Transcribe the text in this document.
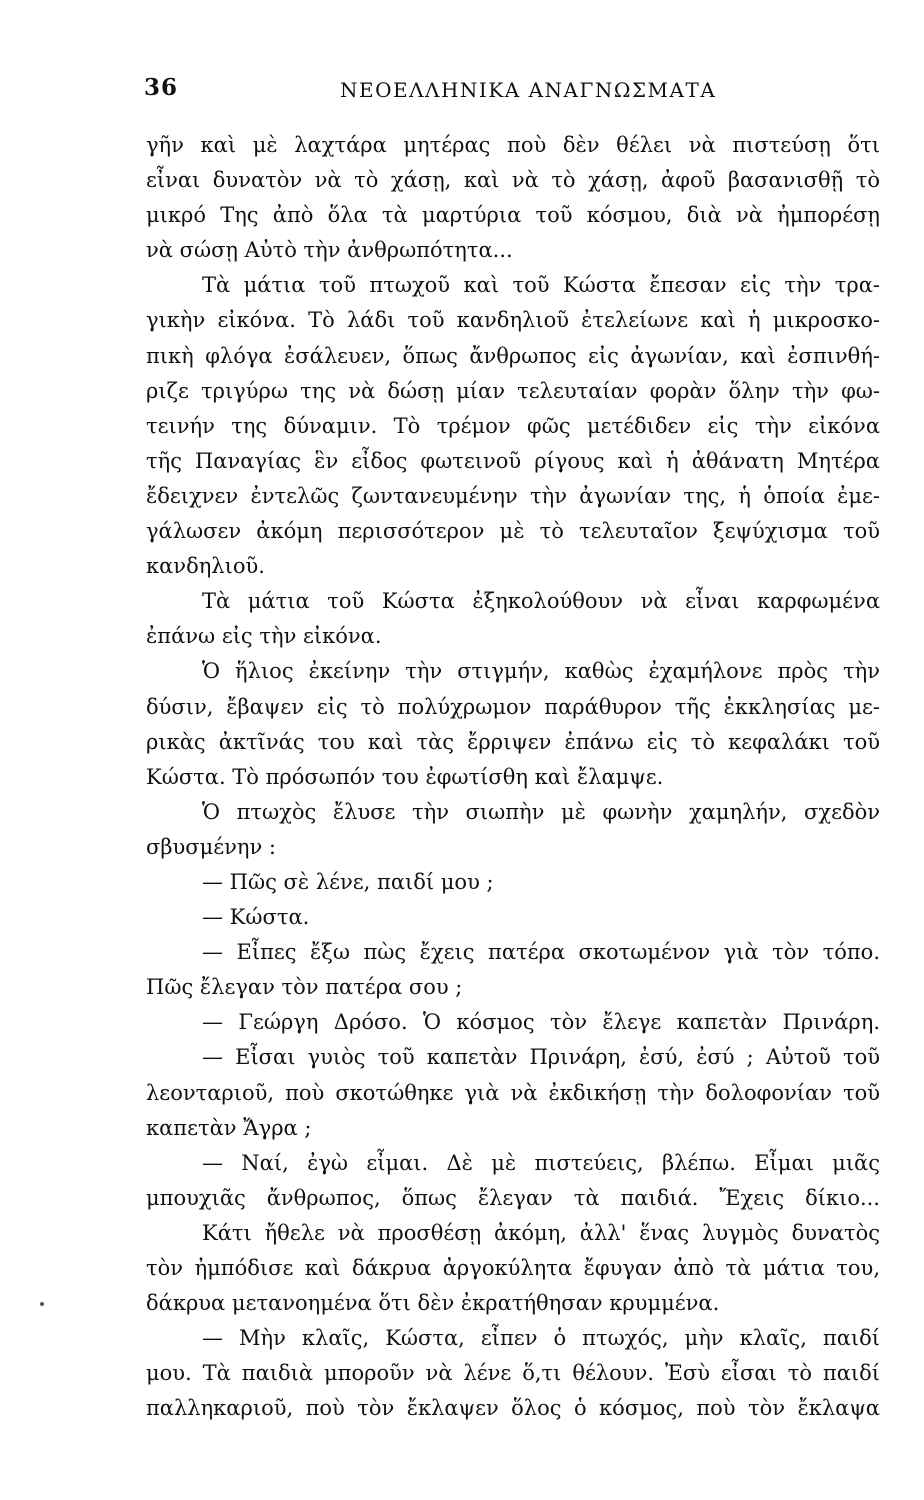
36	ΝΕΟΕΛΛΗΝΙΚΑ ΑΝΑΓΝΩΣΜΑΤΑ
γῆν καὶ μὲ λαχτάρα μητέρας ποὺ δὲν θέλει νὰ πιστεύσῃ ὅτι
εἶναι δυνατὸν νὰ τὸ χάσῃ, καὶ νὰ τὸ χάσῃ, ἀφοῦ βασανισθῇ τὸ
μικρό Της ἀπὸ ὅλα τὰ μαρτύρια τοῦ κόσμου, διὰ νὰ ἠμπορέσῃ
νὰ σώσῃ Αὐτὸ τὴν ἀνθρωπότητα...
Τὰ μάτια τοῦ πτωχοῦ καὶ τοῦ Κώστα ἔπεσαν εἰς τὴν τρα-
γικὴν εἰκόνα. Τὸ λάδι τοῦ κανδηλιοῦ ἐτελείωνε καὶ ἡ μικροσκο-
πικὴ φλόγα ἐσάλευεν, ὅπως ἄνθρωπος εἰς ἀγωνίαν, καὶ ἐσπινθή-
ριζε τριγύρω της νὰ δώσῃ μίαν τελευταίαν φορὰν ὅλην τὴν φω-
τεινήν της δύναμιν. Τὸ τρέμον φῶς μετέδιδεν εἰς τὴν εἰκόνα
τῆς Παναγίας ἓν εἶδος φωτεινοῦ ρίγους καὶ ἡ ἀθάνατη Μητέρα
ἔδειχνεν ἐντελῶς ζωντανευμένην τὴν ἀγωνίαν της, ἡ ὁποία ἐμε-
γάλωσεν ἀκόμη περισσότερον μὲ τὸ τελευταῖον ξεψύχισμα τοῦ
κανδηλιοῦ.
Τὰ μάτια τοῦ Κώστα ἐξηκολούθουν νὰ εἶναι καρφωμένα
ἐπάνω εἰς τὴν εἰκόνα.
Ὁ ἥλιος ἐκείνην τὴν στιγμήν, καθὼς ἐχαμήλονε πρὸς τὴν
δύσιν, ἔβαψεν εἰς τὸ πολύχρωμον παράθυρον τῆς ἐκκλησίας με-
ρικὰς ἀκτῖνάς του καὶ τὰς ἔρριψεν ἐπάνω εἰς τὸ κεφαλάκι τοῦ
Κώστα. Τὸ πρόσωπόν του ἐφωτίσθη καὶ ἔλαμψε.
Ὁ πτωχὸς ἔλυσε τὴν σιωπὴν μὲ φωνὴν χαμηλήν, σχεδὸν
σβυσμένην :
— Πῶς σὲ λένε, παιδί μου ;
— Κώστα.
— Εἶπες ἔξω πὼς ἔχεις πατέρα σκοτωμένον γιὰ τὸν τόπο.
Πῶς ἔλεγαν τὸν πατέρα σου ;
— Γεώργη Δρόσο. Ὁ κόσμος τὸν ἔλεγε καπετὰν Πρινάρη.
— Εἶσαι γυιὸς τοῦ καπετὰν Πρινάρη, ἐσύ, ἐσύ ; Αὐτοῦ τοῦ
λεονταριοῦ, ποὺ σκοτώθηκε γιὰ νὰ ἐκδικήσῃ τὴν δολοφονίαν τοῦ
καπετὰν Ἄγρα ;
— Ναί, ἐγὼ εἶμαι. Δὲ μὲ πιστεύεις, βλέπω. Εἶμαι μιᾶς
μπουχιᾶς ἄνθρωπος, ὅπως ἔλεγαν τὰ παιδιά. Ἔχεις δίκιο...
Κάτι ἤθελε νὰ προσθέσῃ ἀκόμη, ἀλλ' ἕνας λυγμὸς δυνατὸς
τὸν ἠμπόδισε καὶ δάκρυα ἀργοκύλητα ἔφυγαν ἀπὸ τὰ μάτια του,
δάκρυα μετανοημένα ὅτι δὲν ἐκρατήθησαν κρυμμένα.
— Μὴν κλαῖς, Κώστα, εἶπεν ὁ πτωχός, μὴν κλαῖς, παιδί
μου. Τὰ παιδιὰ μποροῦν νὰ λένε ὅ,τι θέλουν. Ἐσὺ εἶσαι τὸ παιδί
παλληκαριοῦ, ποὺ τὸν ἔκλαψεν ὅλος ὁ κόσμος, ποὺ τὸν ἔκλαψα
